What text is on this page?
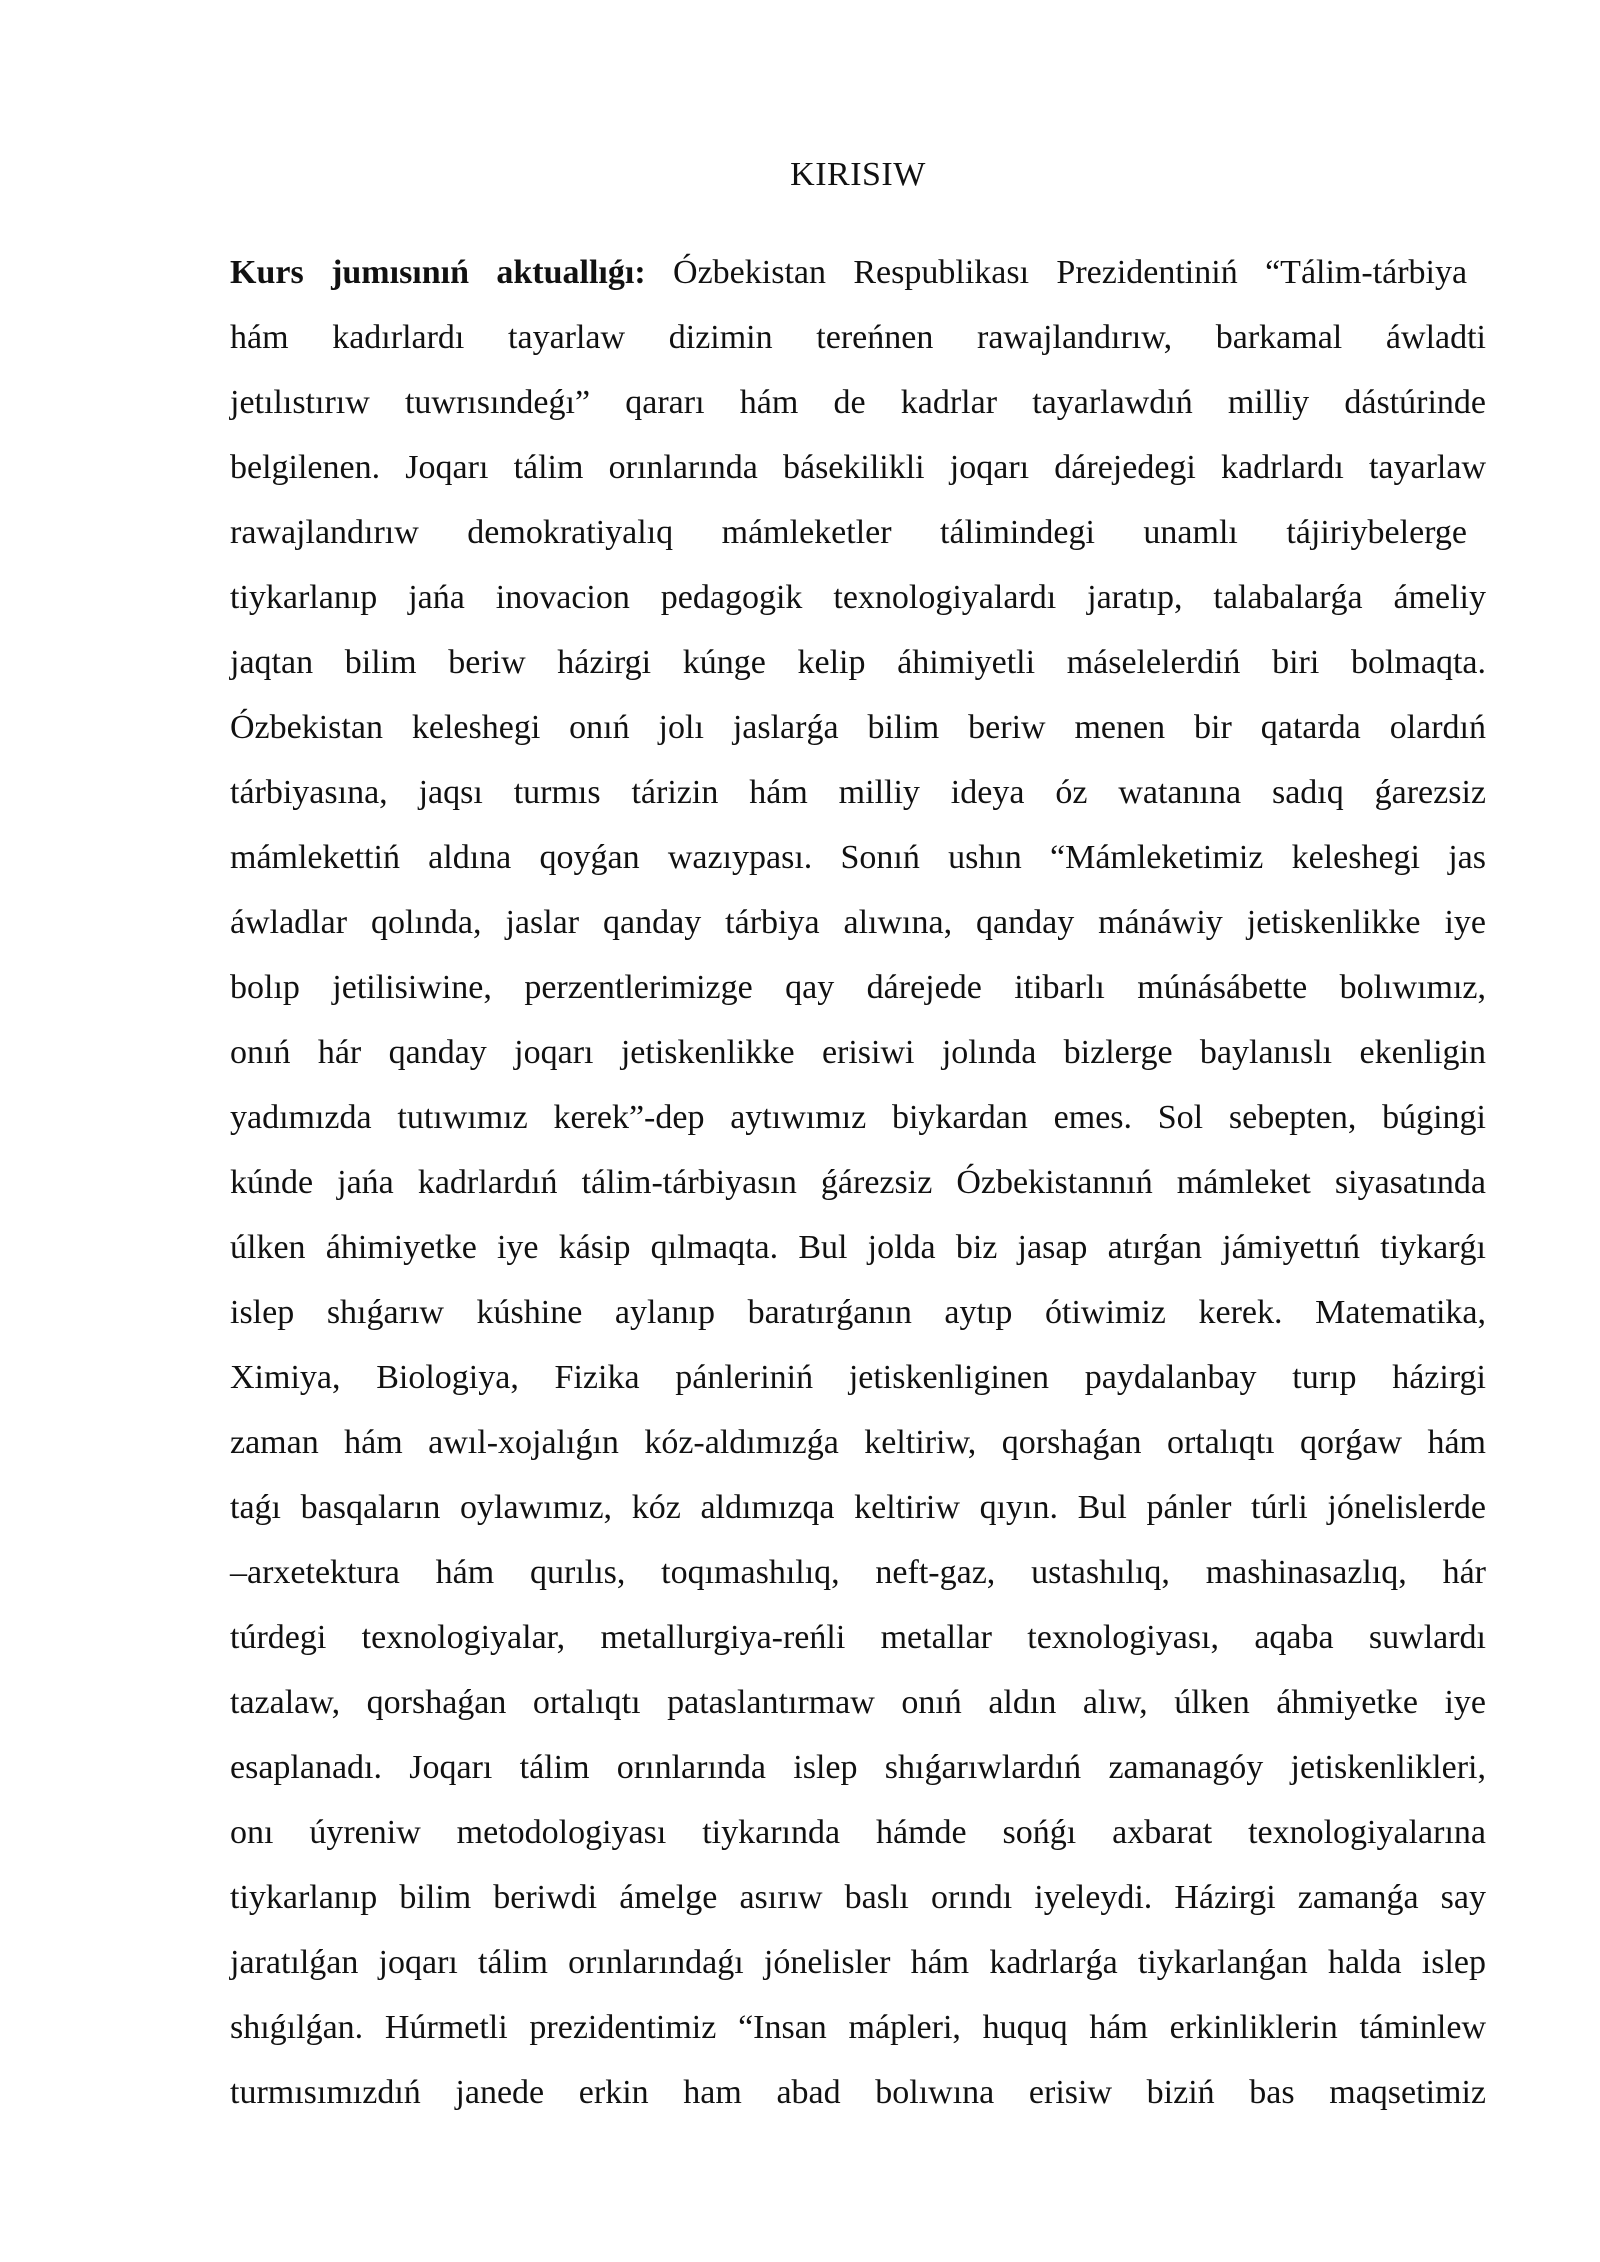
KIRISIW
Kurs jumısınıń aktuallıǵı: Ózbekistan Respublikası Prezidentiniń “Tálim-tárbiya
hám kadırlardı tayarlaw dizimin tereńnen rawajlandırıw, barkamal áwladti
jetılıstırıw tuwrısındeǵı” qararı hám de kadrlar tayarlawdıń milliy dástúrinde
belgilenen. Joqarı tálim orınlarında básekilikli joqarı dárejedegi kadrlardı tayarlaw
rawajlandırıw demokratiyalıq mámleketler tálimindegi unamlı tájiriybelerge
tiykarlanıp jańa inovacion pedagogik texnologiyalardı jaratıp, talabalarǵa ámeliy
jaqtan bilim beriw házirgi kúnge kelip áhimiyetli máselelerdiń biri bolmaqta.
Ózbekistan keleshegi onıń jolı jaslarǵa bilim beriw menen bir qatarda olardıń
tárbiyasına, jaqsı turmıs tárizin hám milliy ideya óz watanına sadıq ǵarezsiz
mámlekettiń aldına qoyǵan wazıypası. Sonıń ushın “Mámleketimiz keleshegi jas
áwladlar qolında, jaslar qanday tárbiya alıwına, qanday mánáwiy jetiskenlikke iye
bolıp jetilisiwine, perzentlerimizge qay dárejede itibarlı múnásábette bolıwımız,
onıń hár qanday joqarı jetiskenlikke erisiwi jolında bizlerge baylanıslı ekenligin
yadımızda tutıwımız kerek”-dep aytıwımız biykardan emes. Sol sebepten, búgingi
kúnde jańa kadrlardıń tálim-tárbiyasın ǵárezsiz Ózbekistannıń mámleket siyasatında
úlken áhimiyetke iye kásip qılmaqta. Bul jolda biz jasap atırǵan jámiyettıń tiykarǵı
islep shıǵarıw kúshine aylanıp baratırǵanın aytıp ótiwimiz kerek. Matematika,
Ximiya, Biologiya, Fizika pánleriniń jetiskenliginen paydalanbay turıp házirgi
zaman hám awıl-xojalıǵın kóz-aldımızǵa keltiriw, qorshaǵan ortalıqtı qorǵaw hám
taǵı basqaların oylawımız, kóz aldımızqa keltiriw qıyın. Bul pánler túrli jónelislerde
–arxetektura hám qurılıs, toqımashılıq, neft-gaz, ustashılıq, mashinasazlıq, hár
túrdegi texnologiyalar, metallurgiya-reńli metallar texnologiyası, aqaba suwlardı
tazalaw, qorshaǵan ortalıqtı pataslantırmaw onıń aldın alıw, úlken áhmiyetke iye
esaplanadı. Joqarı tálim orınlarında islep shıǵarıwlardıń zamanagóy jetiskenlikleri,
onı úyreniw metodologiyası tiykarında hámde sońǵı axbarat texnologiyalarına
tiykarlanıp bilim beriwdi ámelge asırıw baslı orındı iyeleydi. Házirgi zamanǵa say
jaratılǵan joqarı tálim orınlarındaǵı jónelisler hám kadrlarǵa tiykarlanǵan halda islep
shıǵılǵan. Húrmetli prezidentimiz “Insan mápleri, huquq hám erkinliklerin táminlew
turmısımızdıń janede erkin ham abad bolıwına erisiw biziń bas maqsetimiz
